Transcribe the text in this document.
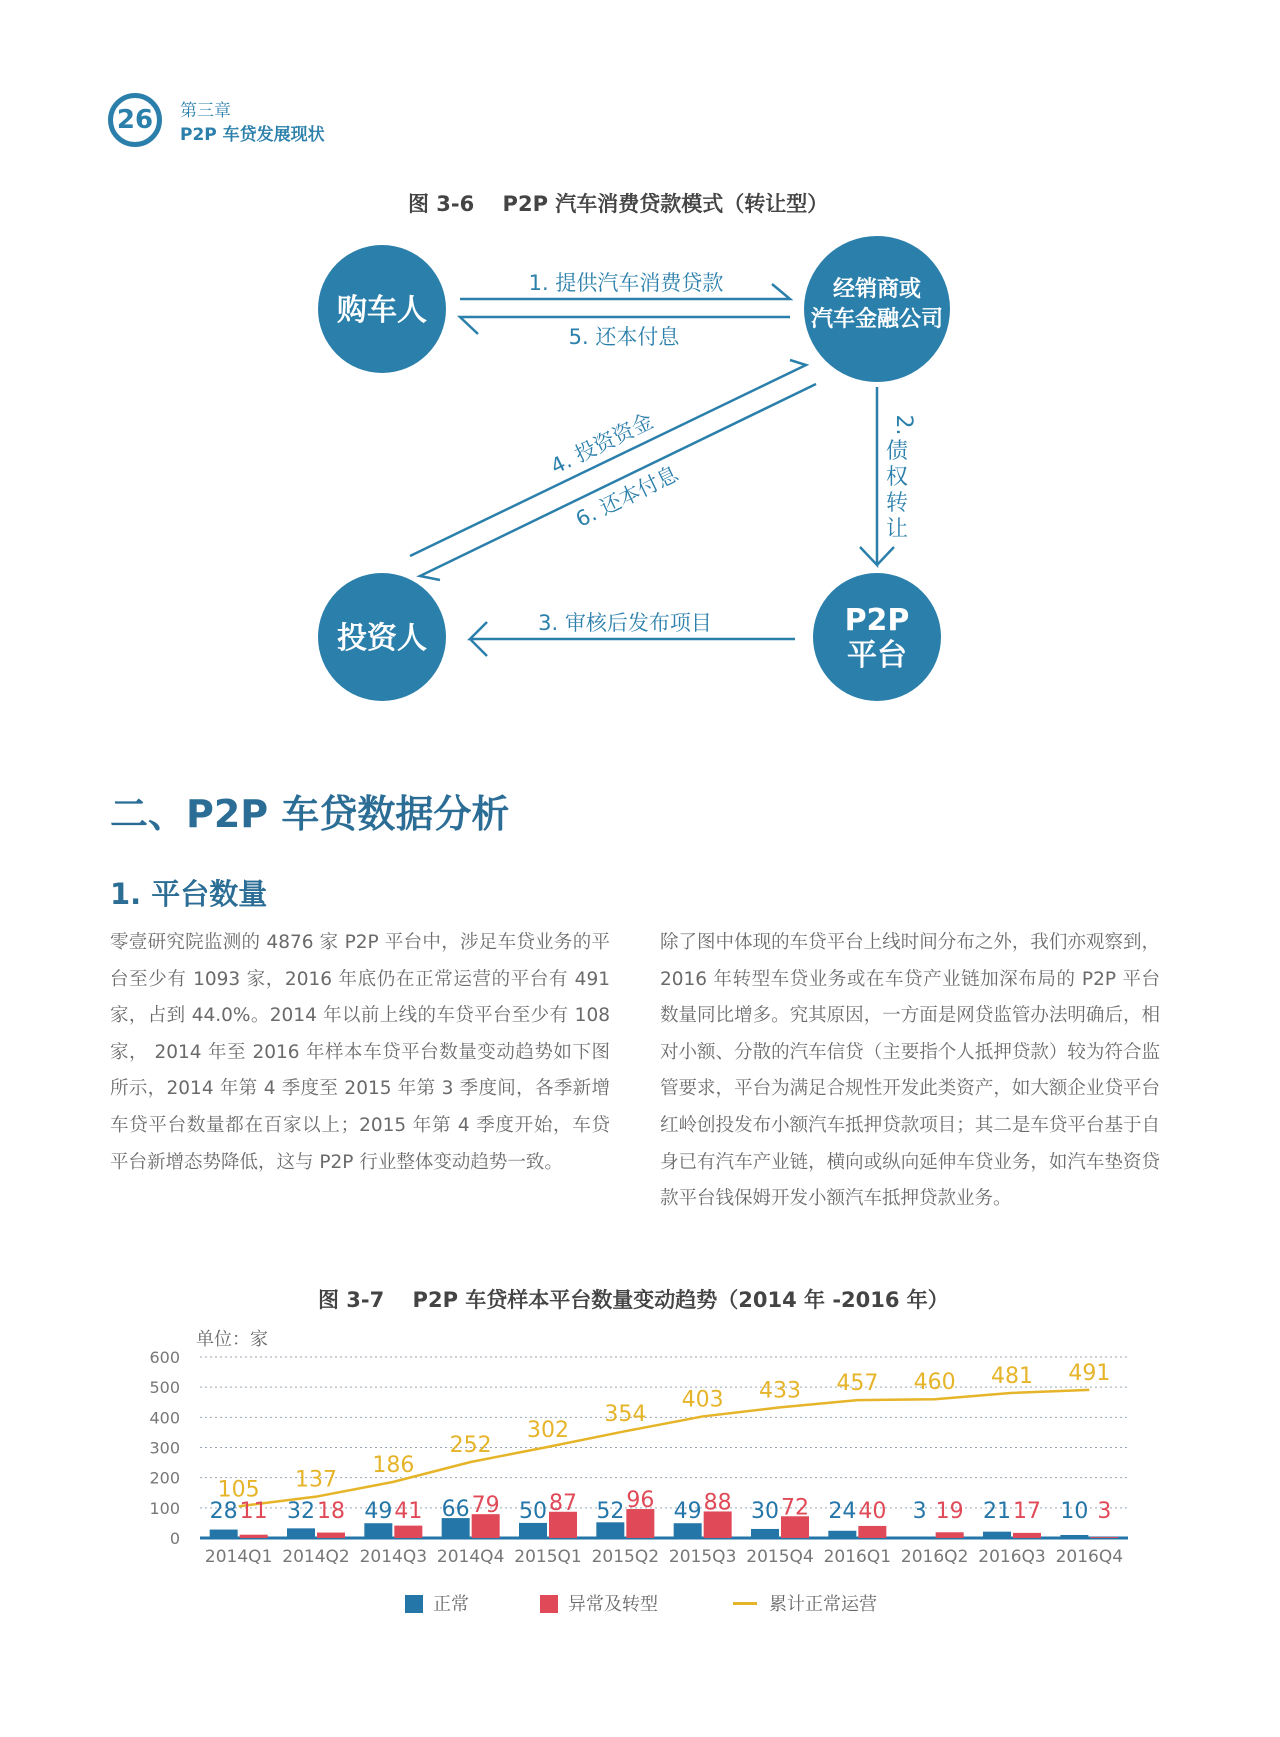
26	第三章
P2P 车贷发展现状
图 3-6　 P2P 汽车消费贷款模式（转让型）
购车人
经销商或
汽车金融公司
投资人
P2P
平台
1. 提供汽车消费贷款
5. 还本付息
2.
债
权
转
让
4. 投资资金
6. 还本付息
3. 审核后发布项目
单位：家
600
500
400
300
200
100
0
28 11 32 18 49 41 66 79 50 87 52 96 49 88 30 72 24 40 3 19 21 17 10 3
105 137
186
252
302
354
403 433 457 460 481 491
2014Q1 2014Q2 2014Q3 2014Q4 2015Q1 2015Q2 2015Q3 2015Q4 2016Q1 2016Q2 2016Q3 2016Q4
二、P2P 车贷数据分析
1. 平台数量

零壹研究院监测的 4876 家 P2P 平台中，涉足车贷业务的平台至少有 1093 家，2016 年底仍在正常运营的平台有 491 家，占到 44.0%。2014 年以前上线的车贷平台至少有 108 家， 2014 年至 2016 年样本车贷平台数量变动趋势如下图所示，2014 年第 4 季度至 2015 年第 3 季度间，各季新增车贷平台数量都在百家以上；2015 年第 4 季度开始，车贷平台新增态势降低，这与 P2P 行业整体变动趋势一致。

除了图中体现的车贷平台上线时间分布之外，我们亦观察到，2016 年转型车贷业务或在车贷产业链加深布局的 P2P 平台数量同比增多。究其原因，一方面是网贷监管办法明确后，相对小额、分散的汽车信贷（主要指个人抵押贷款）较为符合监管要求，平台为满足合规性开发此类资产，如大额企业贷平台红岭创投发布小额汽车抵押贷款项目；其二是车贷平台基于自身已有汽车产业链，横向或纵向延伸车贷业务，如汽车垫资贷款平台钱保姆开发小额汽车抵押贷款业务。

图 3-7　 P2P 车贷样本平台数量变动趋势（2014 年 -2016 年）
正常	异常及转型	累计正常运营
